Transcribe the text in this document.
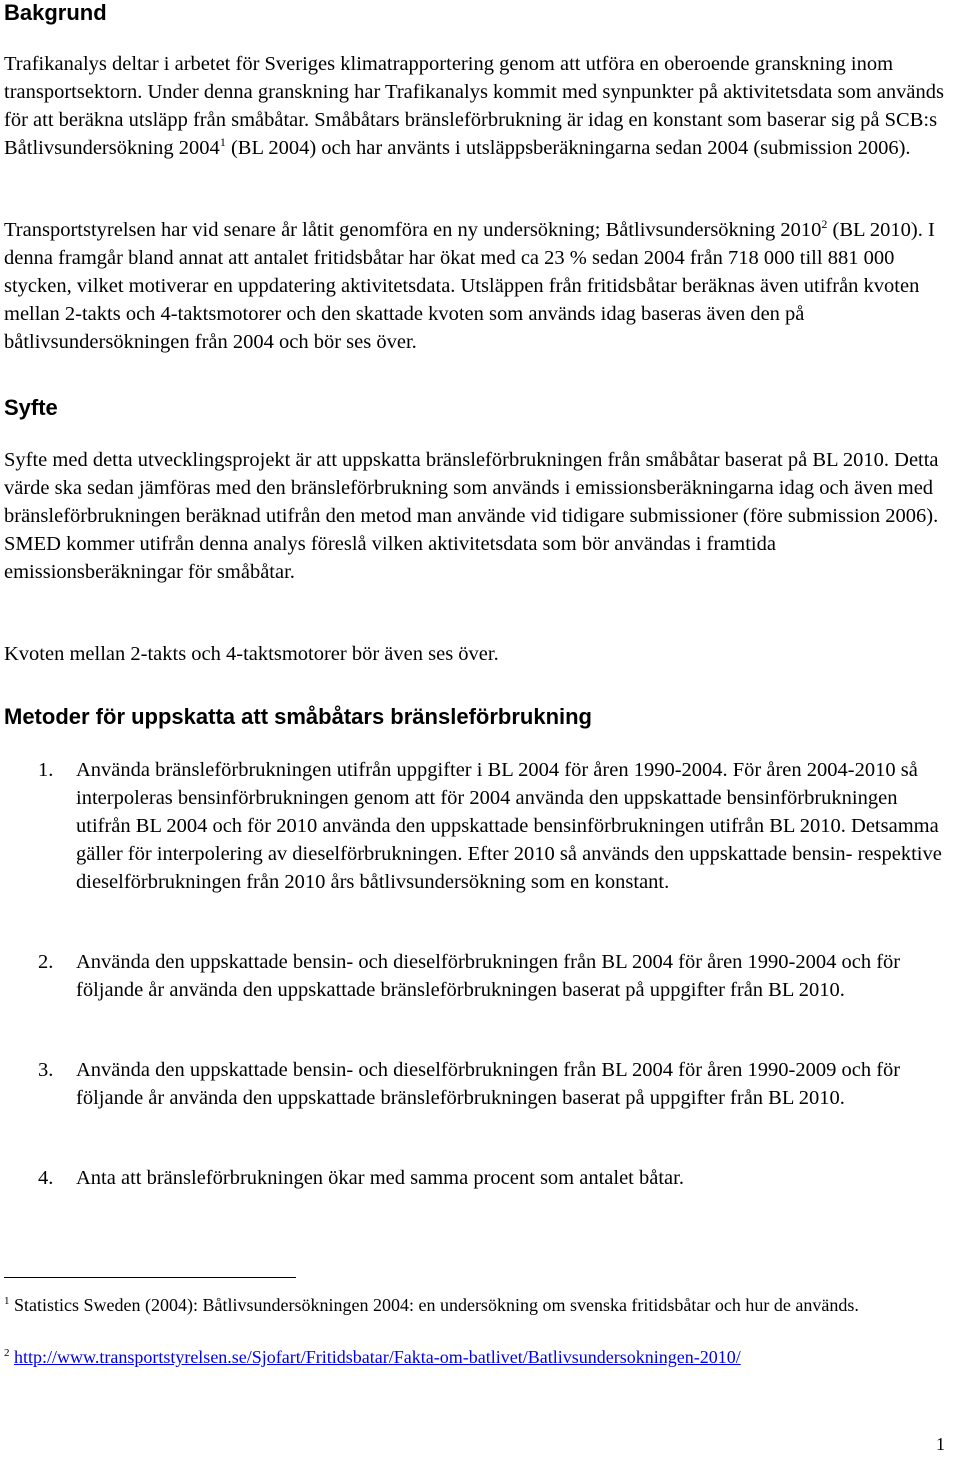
Bakgrund

Trafikanalys deltar i arbetet för Sveriges klimatrapportering genom att utföra en oberoende granskning inom transportsektorn. Under denna granskning har Trafikanalys kommit med synpunkter på aktivitetsdata som används för att beräkna utsläpp från småbåtar. Småbåtars bränsleförbrukning är idag en konstant som baserar sig på SCB:s Båtlivsundersökning 2004$^1$ (BL 2004) och har använts i utsläppsberäkningarna sedan 2004 (submission 2006).

Transportstyrelsen har vid senare år låtit genomföra en ny undersökning; Båtlivsundersökning 2010$^2$ (BL 2010). I denna framgår bland annat att antalet fritidsbåtar har ökat med ca 23 % sedan 2004 från 718 000 till 881 000 stycken, vilket motiverar en uppdatering aktivitetsdata. Utsläppen från fritidsbåtar beräknas även utifrån kvoten mellan 2-takts och 4-taktsmotorer och den skattade kvoten som används idag baseras även den på båtlivsundersökningen från 2004 och bör ses över.

Syfte

Syfte med detta utvecklingsprojekt är att uppskatta bränsleförbrukningen från småbåtar baserat på BL 2010. Detta värde ska sedan jämföras med den bränsleförbrukning som används i emissionsberäkningarna idag och även med bränsleförbrukningen beräknad utifrån den metod man använde vid tidigare submissioner (före submission 2006). SMED kommer utifrån denna analys föreslå vilken aktivitetsdata som bör användas i framtida emissionsberäkningar för småbåtar.

Kvoten mellan 2-takts och 4-taktsmotorer bör även ses över.

Metoder för uppskatta att småbåtars bränsleförbrukning
1. Använda bränsleförbrukningen utifrån uppgifter i BL 2004 för åren 1990-2004. För åren 2004-2010 så interpoleras bensinförbrukningen genom att för 2004 använda den uppskattade bensinförbrukningen utifrån BL 2004 och för 2010 använda den uppskattade bensinförbrukningen utifrån BL 2010. Detsamma gäller för interpolering av dieselförbrukningen. Efter 2010 så används den uppskattade bensin- respektive dieselförbrukningen från 2010 års båtlivsundersökning som en konstant.
2. Använda den uppskattade bensin- och dieselförbrukningen från BL 2004 för åren 1990-2004 och för följande år använda den uppskattade bränsleförbrukningen baserat på uppgifter från BL 2010.
3. Använda den uppskattade bensin- och dieselförbrukningen från BL 2004 för åren 1990-2009 och för följande år använda den uppskattade bränsleförbrukningen baserat på uppgifter från BL 2010.
4. Anta att bränsleförbrukningen ökar med samma procent som antalet båtar.
$^1$ Statistics Sweden (2004): Båtlivsundersökningen 2004: en undersökning om svenska fritidsbåtar och hur de används.
$^2$ http://www.transportstyrelsen.se/Sjofart/Fritidsbatar/Fakta-om-batlivet/Batlivsundersokningen-2010/
1
